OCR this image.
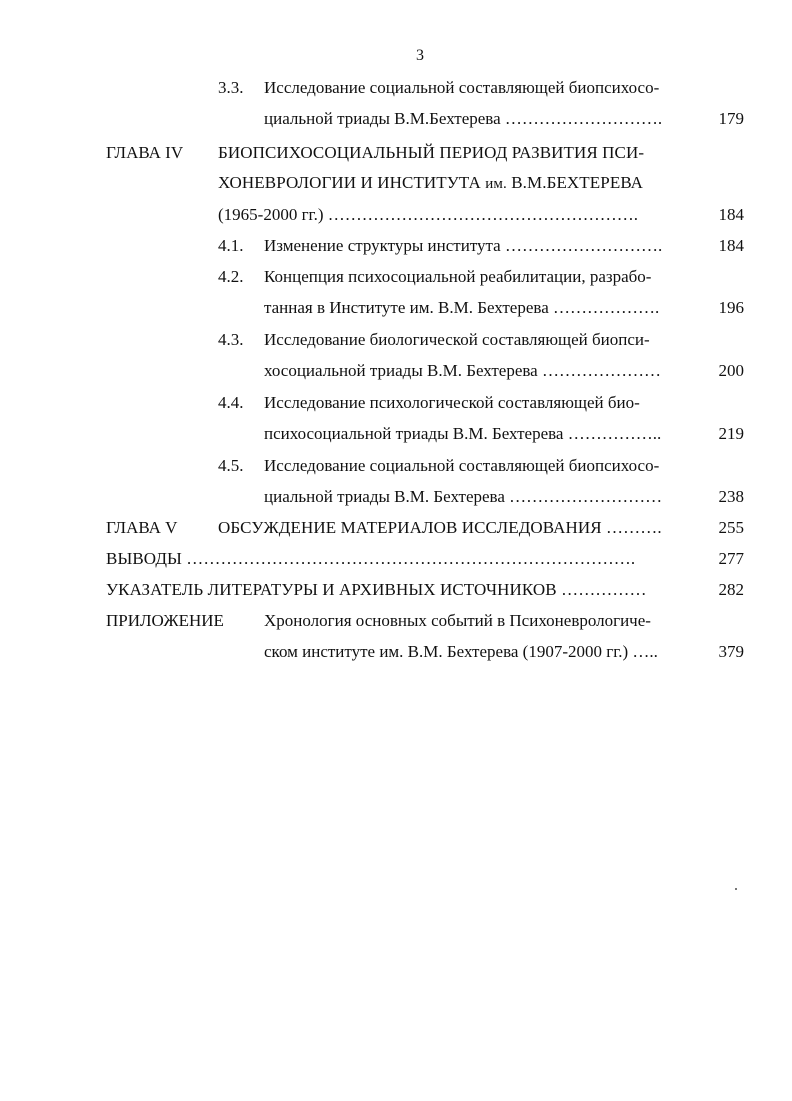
3
3.3. Исследование социальной составляющей биопсихосо-
циальной триады В.М.Бехтерева ……………………….	179
ГЛАВА IV БИОПСИХОСОЦИАЛЬНЫЙ ПЕРИОД РАЗВИТИЯ ПСИ-
ХОНЕВРОЛОГИИ И ИНСТИТУТА им. В.М.БЕХТЕРЕВА
(1965-2000 гг.) ……………………………………………….	184
4.1. Изменение структуры института ……………………….	184
4.2. Концепция психосоциальной реабилитации, разрабо-
танная в Институте им. В.М. Бехтерева ……………….	196
4.3. Исследование биологической составляющей биопси-
хосоциальной триады В.М. Бехтерева …………………	200
4.4. Исследование психологической составляющей био-
психосоциальной триады В.М. Бехтерева ……………..	219
4.5. Исследование социальной составляющей биопсихосо-
циальной триады В.М. Бехтерева ………………………	238
ГЛАВА V ОБСУЖДЕНИЕ МАТЕРИАЛОВ ИССЛЕДОВАНИЯ ……….	255
ВЫВОДЫ …………………………………………………………………….	277
УКАЗАТЕЛЬ ЛИТЕРАТУРЫ И АРХИВНЫХ ИСТОЧНИКОВ ……………	282
ПРИЛОЖЕНИЕ Хронология основных событий в Психоневрологиче-
ском институте им. В.М. Бехтерева (1907-2000 гг.) …..	379
